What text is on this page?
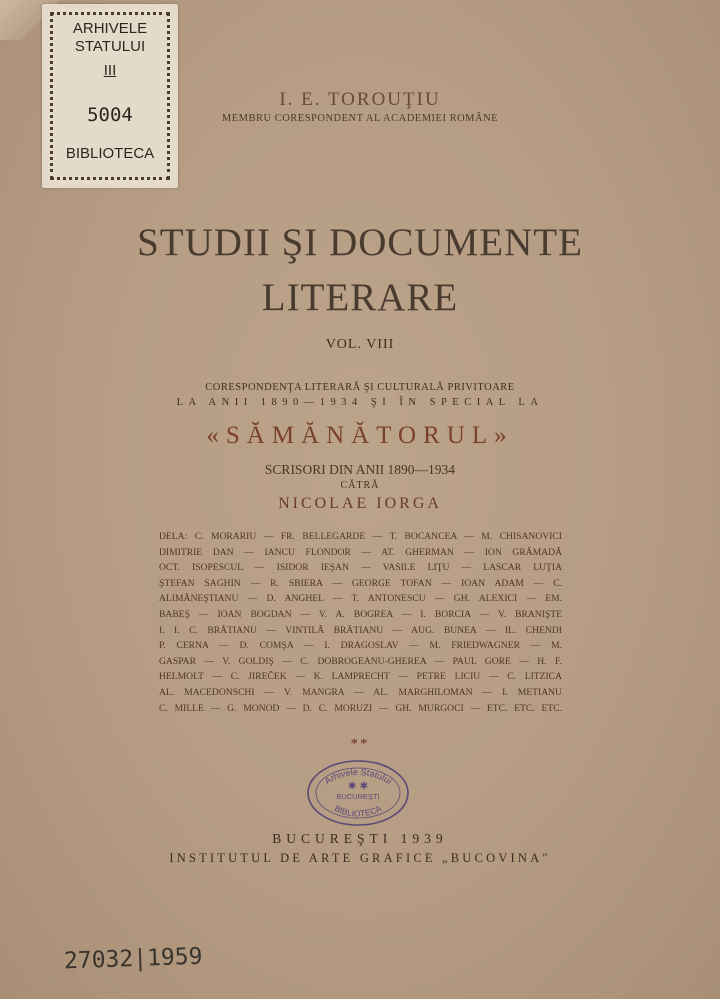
ARHIVELE
STATULUI
III
5004
BIBLIOTECA
I. E. TOROUŢIU
MEMBRU CORESPONDENT AL ACADEMIEI ROMÂNE
STUDII ŞI DOCUMENTE
LITERARE
VOL. VIII
CORESPONDENŢA LITERARĂ ŞI CULTURALĂ PRIVITOARE
LA ANII 1890—1934 ŞI ÎN SPECIAL LA
«SĂMĂNĂTORUL»
SCRISORI DIN ANII 1890—1934
CĂTRĂ
NICOLAE IORGA
DELA: C. MORARIU — FR. BELLEGARDE — T. BOCANCEA — M. CHISANOVICI
DIMITRIE DAN — IANCU FLONDOR — AT. GHERMAN — ION GRĂMADĂ
OCT. ISOPESCUL — ISIDOR IEŞAN — VASILE LIŢU — LASCAR LUŢIA
ŞTEFAN SAGHIN — R. SBIERA — GEORGE TOFAN — IOAN ADAM — C.
ALIMĂNEŞTIANU — D. ANGHEL — T. ANTONESCU — GH. ALEXICI — EM.
BABEŞ — IOAN BOGDAN — V. A. BOGREA — I. BORCIA — V. BRANIŞTE
I. I. C. BRĂTIANU — VINTILĂ BRĂTIANU — AUG. BUNEA — IL. CHENDI
P. CERNA — D. COMŞA — I. DRAGOSLAV — M. FRIEDWAGNER — M.
GASPAR — V. GOLDIŞ — C. DOBROGEANU-GHEREA — PAUL GORE — H. F.
HELMOLT — C. JIREČEK — K. LAMPRECHT — PETRE LICIU — C. LITZICA
AL. MACEDONSCHI — V. MANGRA — AL. MARGHILOMAN — I. METIANU
C. MILLE — G. MONOD — D. C. MORUZI — GH. MURGOCI — ETC. ETC. ETC.
**
Arhivele Statului
✱ ✱
BUCUREŞTI
BIBLIOTECA
BUCUREŞTI 1939
INSTITUTUL DE ARTE GRAFICE „BUCOVINA"
27032|1959
